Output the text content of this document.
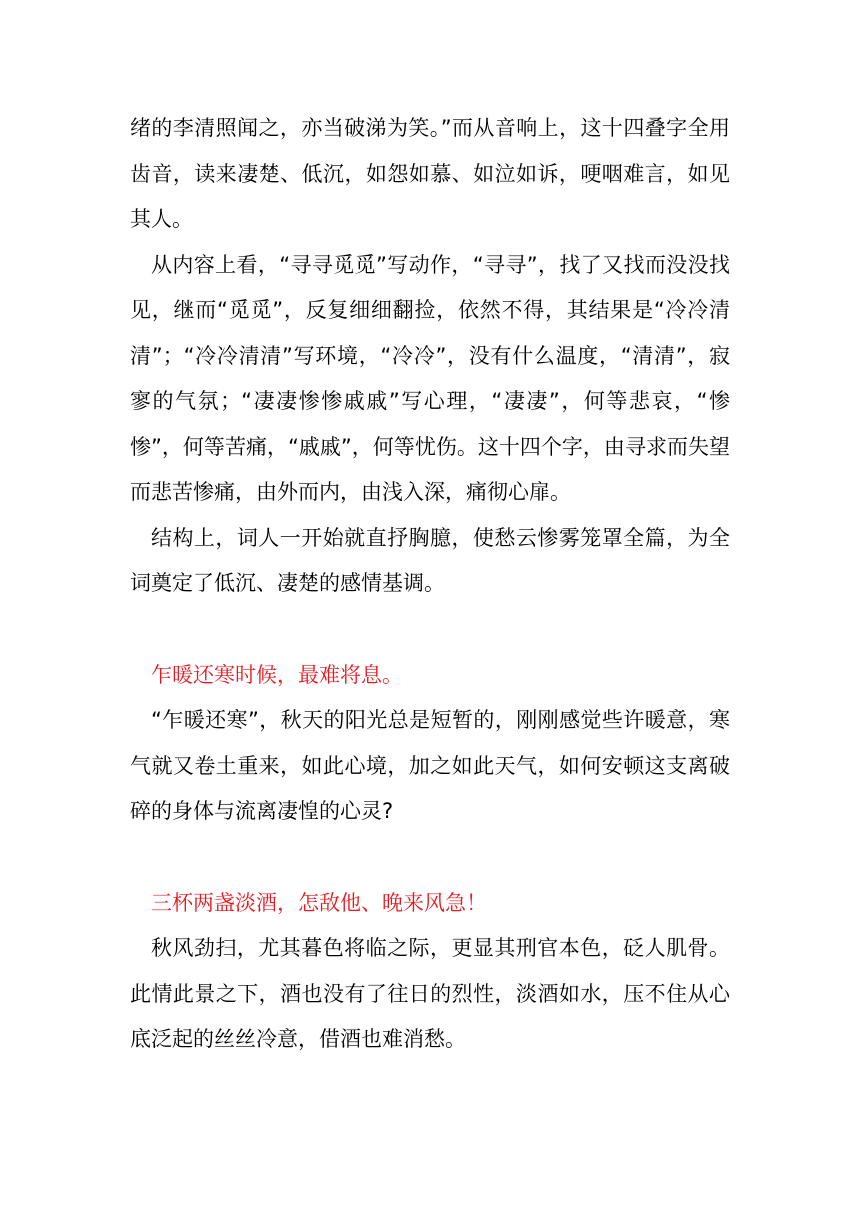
绪的李清照闻之，亦当破涕为笑。”而从音响上，这十四叠字全用齿音，读来凄楚、低沉，如怨如慕、如泣如诉，哽咽难言，如见其人。

从内容上看，“寻寻觅觅”写动作，“寻寻”，找了又找而没没找见，继而“觅觅”，反复细细翻捡，依然不得，其结果是“冷冷清清”；“冷冷清清”写环境，“冷冷”，没有什么温度，“清清”，寂寥的气氛；“凄凄惨惨戚戚”写心理，“凄凄”，何等悲哀，“惨惨”，何等苦痛，“戚戚”，何等忧伤。这十四个字，由寻求而失望而悲苦惨痛，由外而内，由浅入深，痛彻心扉。

结构上，词人一开始就直抒胸臆，使愁云惨雾笼罩全篇，为全词奠定了低沉、凄楚的感情基调。

乍暖还寒时候，最难将息。

“乍暖还寒”，秋天的阳光总是短暂的，刚刚感觉些许暖意，寒气就又卷土重来，如此心境，加之如此天气，如何安顿这支离破碎的身体与流离凄惶的心灵?

三杯两盏淡酒，怎敌他、晚来风急！

秋风劲扫，尤其暮色将临之际，更显其刑官本色，砭人肌骨。此情此景之下，酒也没有了往日的烈性，淡酒如水，压不住从心底泛起的丝丝冷意，借酒也难消愁。
